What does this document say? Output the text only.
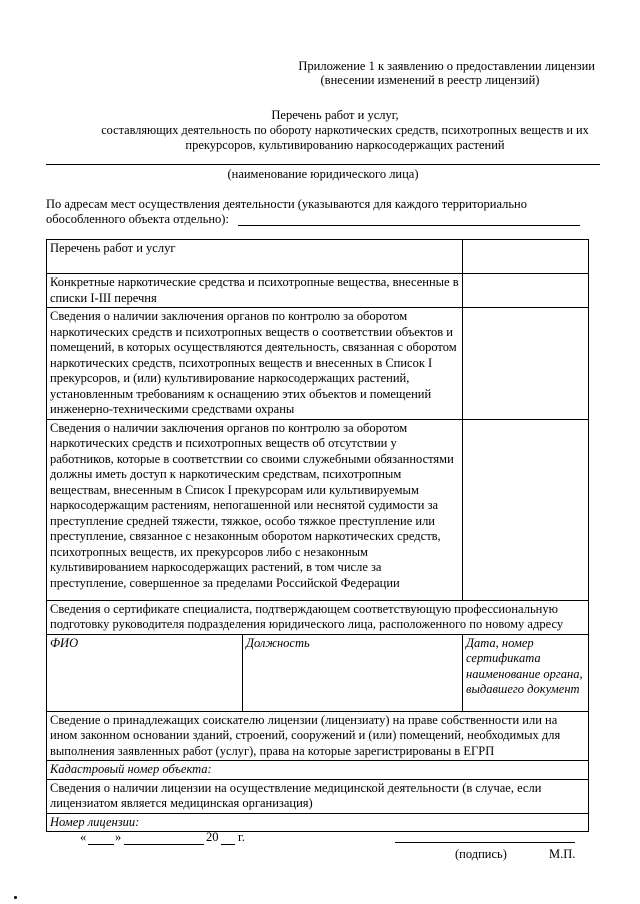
Приложение 1 к заявлению о предоставлении лицензии
(внесении изменений в реестр лицензий)
Перечень работ и услуг,
составляющих деятельность по обороту наркотических средств, психотропных веществ и их
прекурсоров, культивированию наркосодержащих растений
(наименование юридического лица)
По адресам мест осуществления деятельности (указываются для каждого территориально
обособленного объекта отдельно):
Перечень работ и услуг		
Конкретные наркотические средства и психотропные вещества, внесенные в списки I-III перечня		
Сведения о наличии заключения органов по контролю за оборотом наркотических средств и психотропных веществ о соответствии объектов и помещений, в которых осуществляются деятельность, связанная с оборотом наркотических средств, психотропных веществ и внесенных в Список I прекурсоров, и (или) культивирование наркосодержащих растений, установленным требованиям к оснащению этих объектов и помещений инженерно-техническими средствами охраны		
Сведения о наличии заключения органов по контролю за оборотом наркотических средств и психотропных веществ об отсутствии у работников, которые в соответствии со своими служебными обязанностями должны иметь доступ к наркотическим средствам, психотропным веществам, внесенным в Список I прекурсорам или культивируемым наркосодержащим растениям, непогашенной или неснятой судимости за преступление средней тяжести, тяжкое, особо тяжкое преступление или преступление, связанное с незаконным оборотом наркотических средств, психотропных веществ, их прекурсоров либо с незаконным культивированием наркосодержащих растений, в том числе за преступление, совершенное за пределами Российской Федерации		
Сведения о сертификате специалиста, подтверждающем соответствующую профессиональную подготовку руководителя подразделения юридического лица, расположенного по новому адресу		
ФИО	Должность	Дата, номер сертификата наименование органа, выдавшего документ
Сведение о принадлежащих соискателю лицензии (лицензиату) на праве собственности или на ином законном основании зданий, строений, сооружений и (или) помещений, необходимых для выполнения заявленных работ (услуг), права на которые зарегистрированы в ЕГРП		
Кадастровый номер объекта:		
Сведения о наличии лицензии на осуществление медицинской деятельности (в случае, если лицензиатом является медицинская организация)		
Номер лицензии:		
« »	20 г.
(подпись)	М.П.
